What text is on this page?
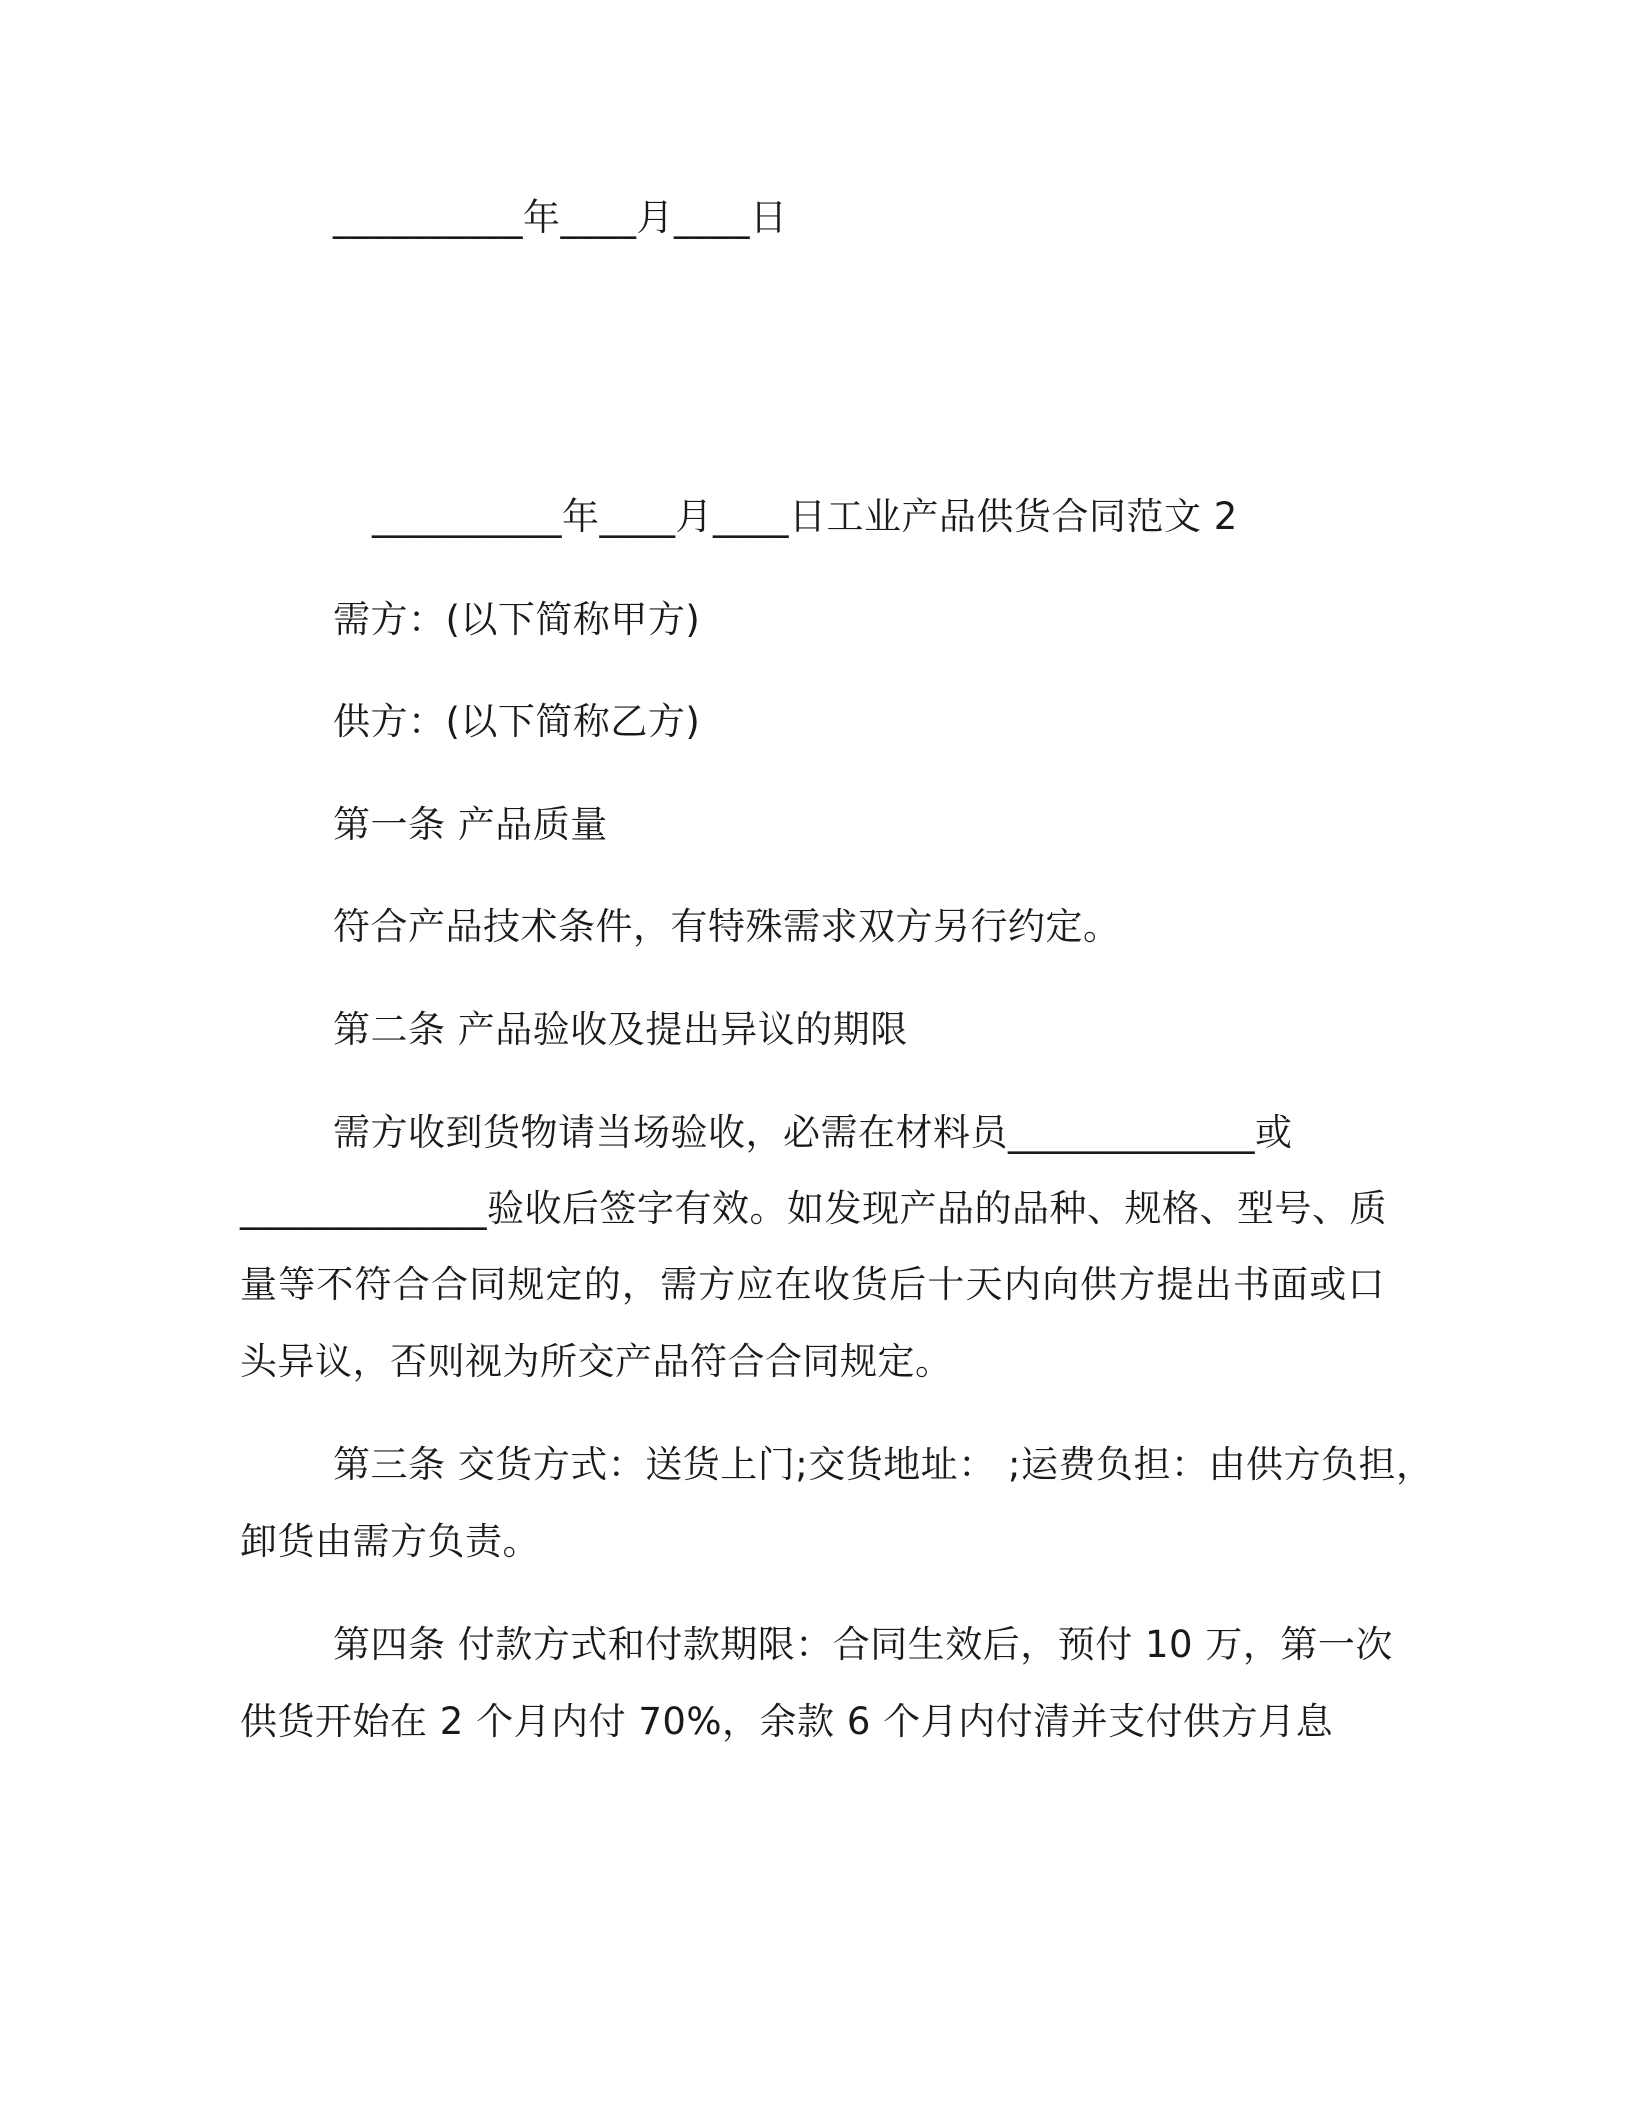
__________年____月____日
__________年____月____日工业产品供货合同范文 2
需方：(以下简称甲方)
供方：(以下简称乙方)
第一条 产品质量
符合产品技术条件，有特殊需求双方另行约定。
第二条 产品验收及提出异议的期限
需方收到货物请当场验收，必需在材料员_____________或
_____________验收后签字有效。如发现产品的品种、规格、型号、质
量等不符合合同规定的，需方应在收货后十天内向供方提出书面或口
头异议，否则视为所交产品符合合同规定。
第三条 交货方式：送货上门;交货地址： ;运费负担：由供方负担，
卸货由需方负责。
第四条 付款方式和付款期限：合同生效后，预付 10 万，第一次
供货开始在 2 个月内付 70%，余款 6 个月内付清并支付供方月息
